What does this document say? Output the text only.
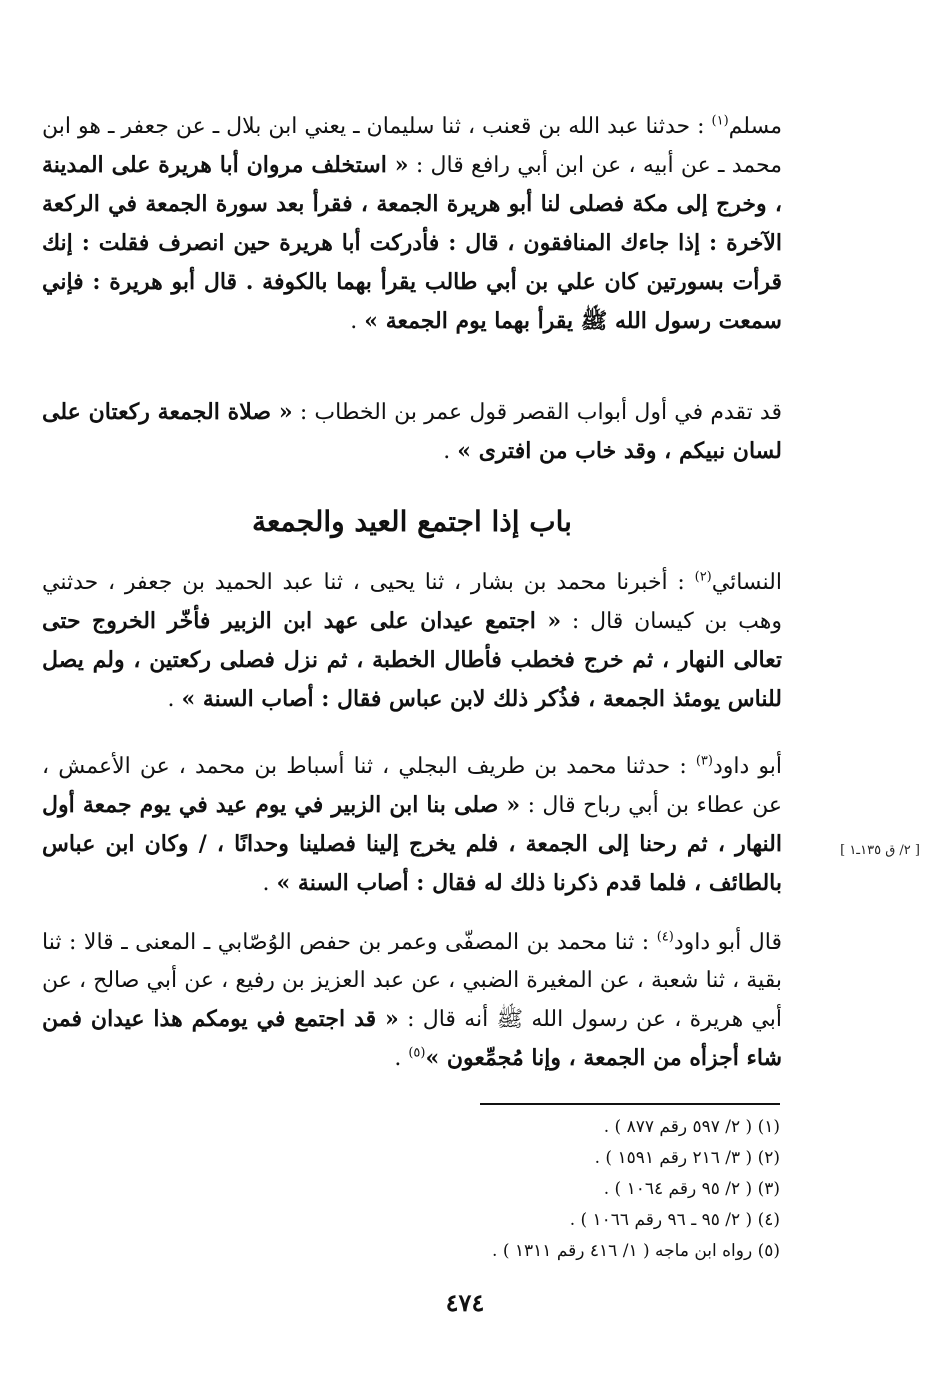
[ ٢/ ق ١٣٥ـ١ ]
مسلم$^{(١)}$ : حدثنا عبد الله بن قعنب ، ثنا سليمان ـ يعني ابن بلال ـ عن جعفر ـ هو ابن محمد ـ عن أبيه ، عن ابن أبي رافع قال : « استخلف مروان أبا هريرة على المدينة ، وخرج إلى مكة فصلى لنا أبو هريرة الجمعة ، فقرأ بعد سورة الجمعة في الركعة الآخرة : إذا جاءك المنافقون ، قال : فأدركت أبا هريرة حين انصرف فقلت : إنك قرأت بسورتين كان علي بن أبي طالب يقرأ بهما بالكوفة . قال أبو هريرة : فإني سمعت رسول الله ﷺ يقرأ بهما يوم الجمعة » .
قد تقدم في أول أبواب القصر قول عمر بن الخطاب : « صلاة الجمعة ركعتان على لسان نبيكم ، وقد خاب من افترى » .
باب إذا اجتمع العيد والجمعة
النسائي$^{(٢)}$ : أخبرنا محمد بن بشار ، ثنا يحيى ، ثنا عبد الحميد بن جعفر ، حدثني وهب بن كيسان قال : « اجتمع عيدان على عهد ابن الزبير فأخّر الخروج حتى تعالى النهار ، ثم خرج فخطب فأطال الخطبة ، ثم نزل فصلى ركعتين ، ولم يصل للناس يومئذ الجمعة ، فذُكر ذلك لابن عباس فقال : أصاب السنة » .
أبو داود$^{(٣)}$ : حدثنا محمد بن طريف البجلي ، ثنا أسباط بن محمد ، عن الأعمش ، عن عطاء بن أبي رباح قال : « صلى بنا ابن الزبير في يوم عيد في يوم جمعة أول النهار ، ثم رحنا إلى الجمعة ، فلم يخرج إلينا فصلينا وحدانًا ، / وكان ابن عباس بالطائف ، فلما قدم ذكرنا ذلك له فقال : أصاب السنة » .
قال أبو داود$^{(٤)}$ : ثنا محمد بن المصفّى وعمر بن حفص الوُصّابي ـ المعنى ـ قالا : ثنا بقية ، ثنا شعبة ، عن المغيرة الضبي ، عن عبد العزيز بن رفيع ، عن أبي صالح ، عن أبي هريرة ، عن رسول الله ﷺ أنه قال : « قد اجتمع في يومكم هذا عيدان فمن شاء أجزأه من الجمعة ، وإنا مُجمِّعون »$^{(٥)}$ .
(١) ( ٢/ ٥٩٧ رقم ٨٧٧ ) .
(٢) ( ٣/ ٢١٦ رقم ١٥٩١ ) .
(٣) ( ٢/ ٩٥ رقم ١٠٦٤ ) .
(٤) ( ٢/ ٩٥ ـ ٩٦ رقم ١٠٦٦ ) .
(٥) رواه ابن ماجه ( ١/ ٤١٦ رقم ١٣١١ ) .
٤٧٤
